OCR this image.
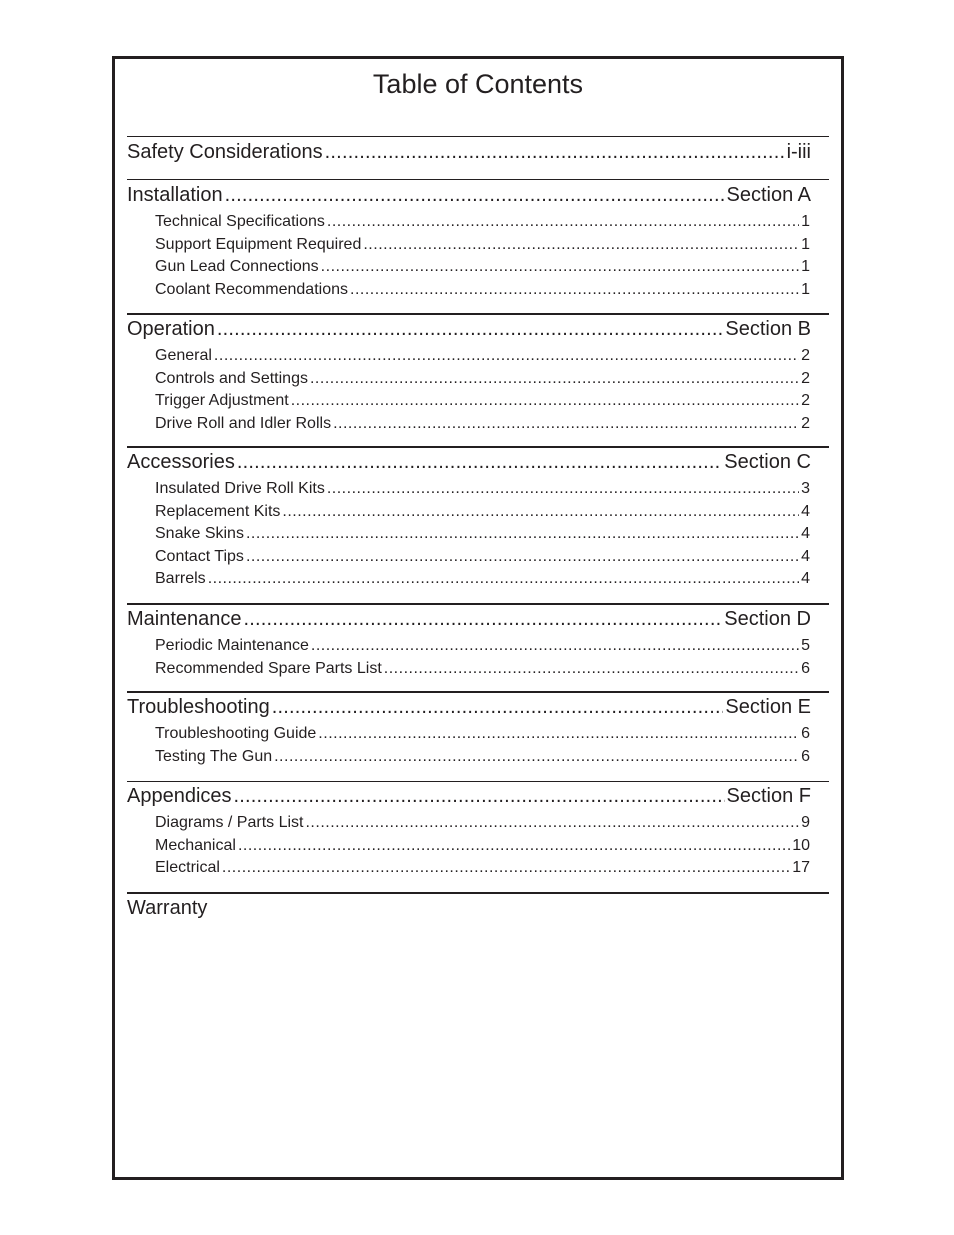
Table of Contents
Safety Considerations .....	i-iii
Installation .....	Section A
Technical Specifications .....	1
Support Equipment Required .....	1
Gun Lead Connections .....	1
Coolant Recommendations .....	1
Operation .....	Section B
General .....	2
Controls and Settings .....	2
Trigger Adjustment .....	2
Drive Roll and Idler Rolls .....	2
Accessories .....	Section C
Insulated Drive Roll Kits .....	3
Replacement Kits .....	4
Snake Skins .....	4
Contact Tips .....	4
Barrels .....	4
Maintenance .....	Section D
Periodic Maintenance .....	5
Recommended Spare Parts List .....	6
Troubleshooting .....	Section E
Troubleshooting Guide .....	6
Testing The Gun .....	6
Appendices .....	Section F
Diagrams / Parts List .....	9
Mechanical .....	10
Electrical .....	17
Warranty
